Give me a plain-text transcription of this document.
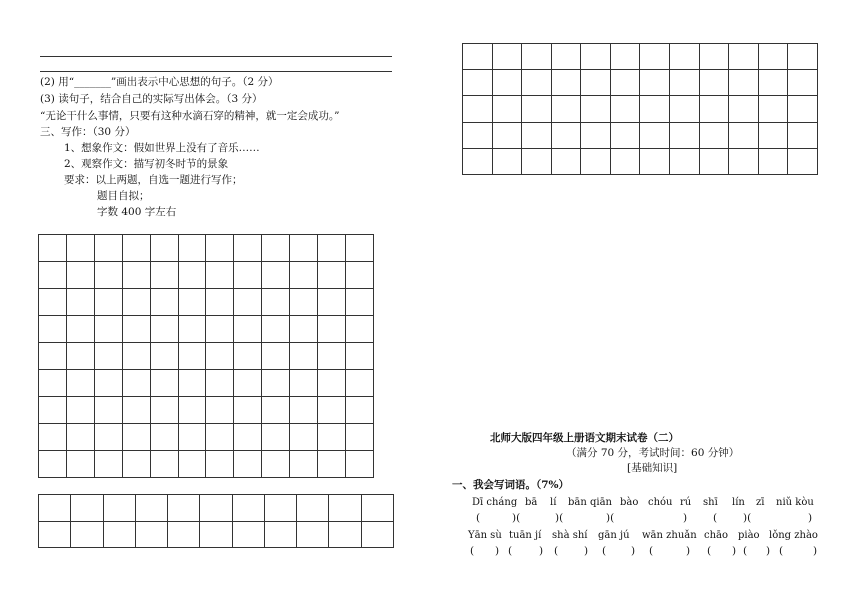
(2) 用“_______”画出表示中心思想的句子。（2 分）
(3) 读句子，结合自己的实际写出体会。（3 分）
“无论干什么事情，只要有这种水滴石穿的精神，就一定会成功。”
三、写作：（30 分）
1、想象作文：假如世界上没有了音乐……
2、观察作文：描写初冬时节的景象
要求：以上两题，自选一题进行写作；
题目自拟；
字数 400 字左右

北师大版四年级上册语文期末试卷（二）
（满分 70 分，考试时间：60 分钟）
[基础知识]
一、我会写词语。（7%）
Dī cháng bā lí bān qiān bào chóu rú shī lín zī niǔ kòu
(	)(	)(	)(	) ( )(	)
Yān sù tuān jí shà shí gān jú wān zhuǎn chāo piào lǒng zhào
( ) (	) ( ) ( ) (	) ( ) ( ) (	)
